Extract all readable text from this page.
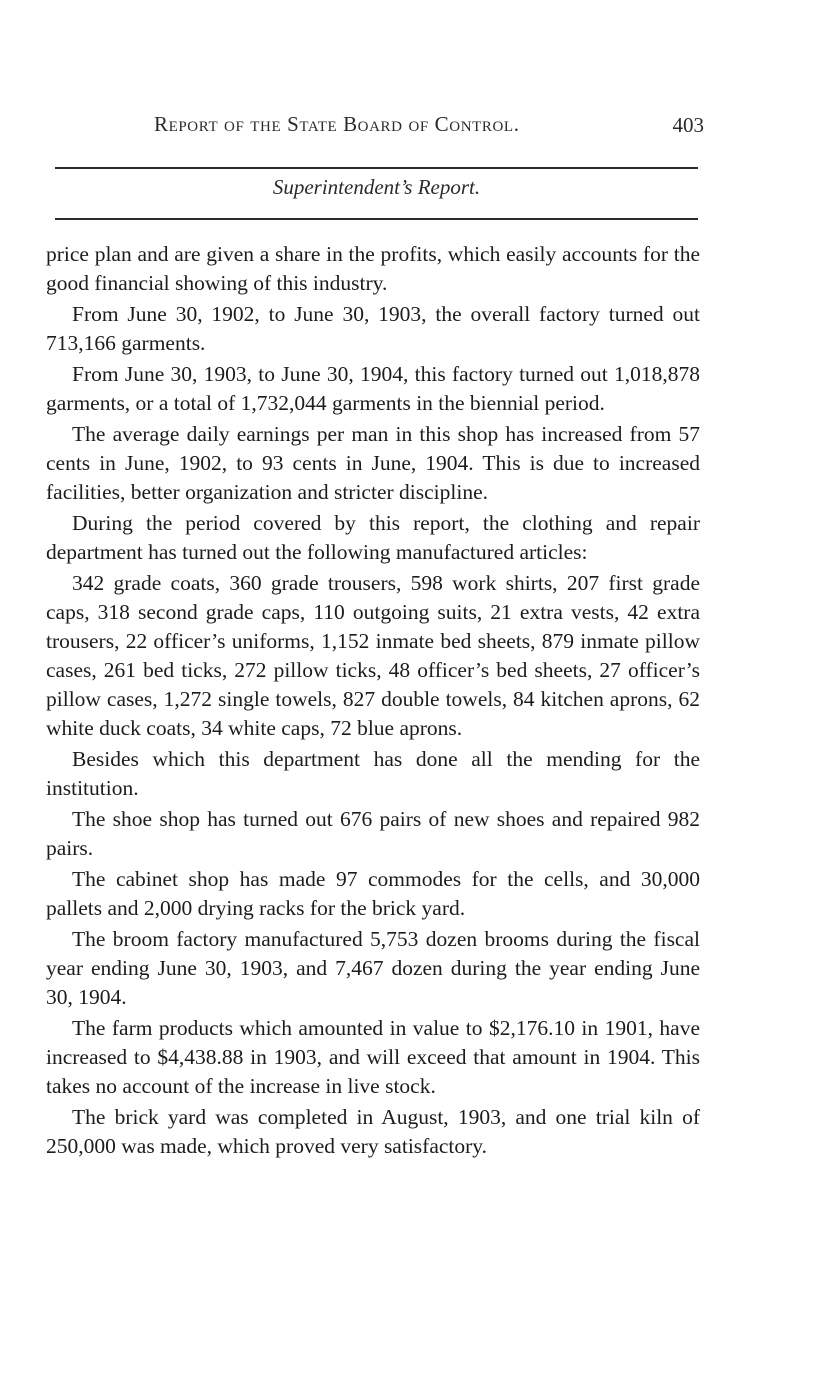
Report of the State Board of Control.	403
Superintendent’s Report.

price plan and are given a share in the profits, which easily accounts for the good financial showing of this industry.

From June 30, 1902, to June 30, 1903, the overall factory turned out 713,166 garments.

From June 30, 1903, to June 30, 1904, this factory turned out 1,018,878 garments, or a total of 1,732,044 garments in the biennial period.

The average daily earnings per man in this shop has increased from 57 cents in June, 1902, to 93 cents in June, 1904. This is due to increased facilities, better organization and stricter discipline.

During the period covered by this report, the clothing and repair department has turned out the following manufactured articles:

342 grade coats, 360 grade trousers, 598 work shirts, 207 first grade caps, 318 second grade caps, 110 outgoing suits, 21 extra vests, 42 extra trousers, 22 officer’s uniforms, 1,152 inmate bed sheets, 879 inmate pillow cases, 261 bed ticks, 272 pillow ticks, 48 officer’s bed sheets, 27 officer’s pillow cases, 1,272 single towels, 827 double towels, 84 kitchen aprons, 62 white duck coats, 34 white caps, 72 blue aprons.

Besides which this department has done all the mending for the institution.

The shoe shop has turned out 676 pairs of new shoes and repaired 982 pairs.

The cabinet shop has made 97 commodes for the cells, and 30,000 pallets and 2,000 drying racks for the brick yard.

The broom factory manufactured 5,753 dozen brooms during the fiscal year ending June 30, 1903, and 7,467 dozen during the year ending June 30, 1904.

The farm products which amounted in value to $2,176.10 in 1901, have increased to $4,438.88 in 1903, and will exceed that amount in 1904. This takes no account of the increase in live stock.

The brick yard was completed in August, 1903, and one trial kiln of 250,000 was made, which proved very satisfactory.
